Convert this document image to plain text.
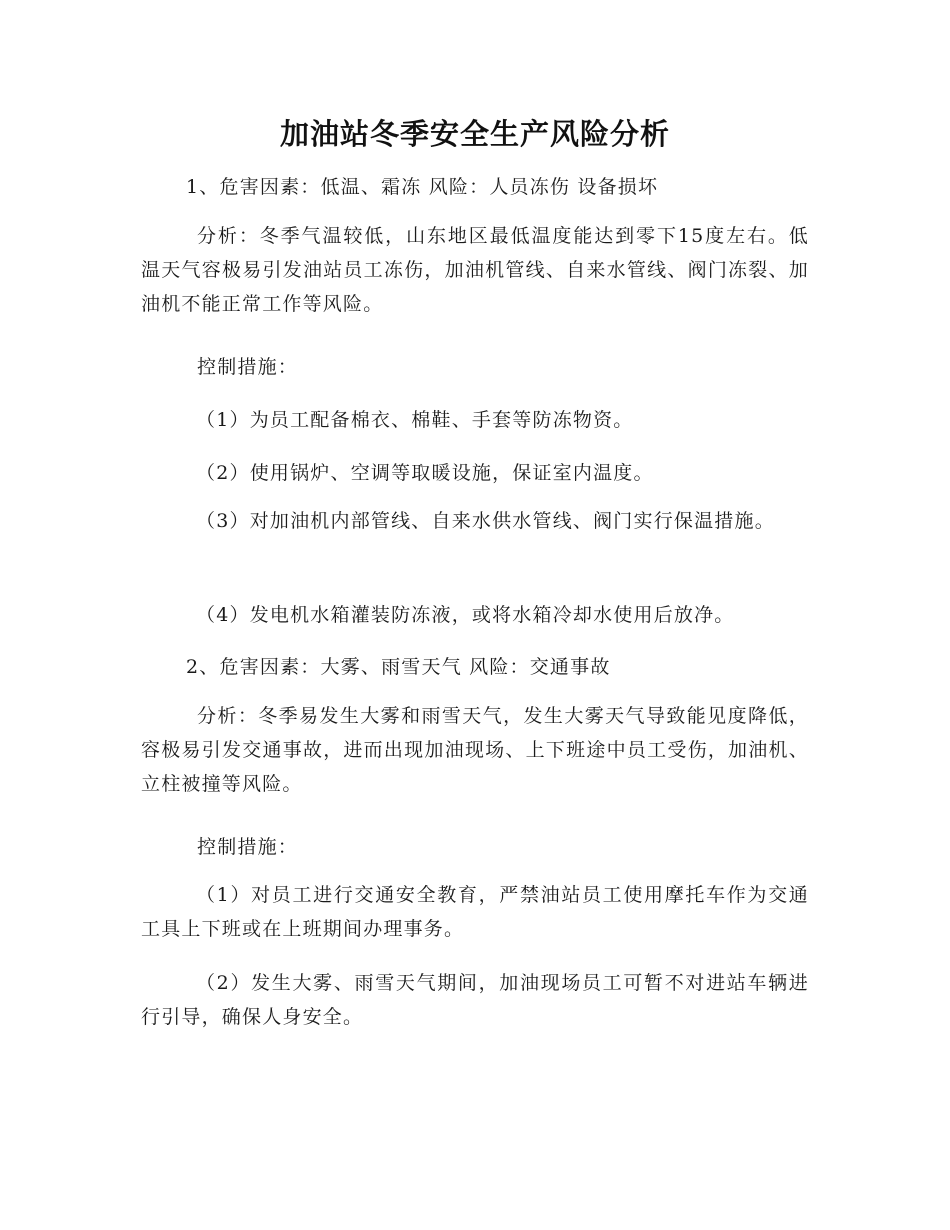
加油站冬季安全生产风险分析
1、危害因素：低温、霜冻 风险：人员冻伤 设备损坏
分析：冬季气温较低，山东地区最低温度能达到零下15度左右。低温天气容极易引发油站员工冻伤，加油机管线、自来水管线、阀门冻裂、加油机不能正常工作等风险。
控制措施：
（1）为员工配备棉衣、棉鞋、手套等防冻物资。
（2）使用锅炉、空调等取暖设施，保证室内温度。
（3）对加油机内部管线、自来水供水管线、阀门实行保温措施。
（4）发电机水箱灌装防冻液，或将水箱冷却水使用后放净。
2、危害因素：大雾、雨雪天气 风险：交通事故
分析：冬季易发生大雾和雨雪天气，发生大雾天气导致能见度降低，容极易引发交通事故，进而出现加油现场、上下班途中员工受伤，加油机、立柱被撞等风险。
控制措施：
（1）对员工进行交通安全教育，严禁油站员工使用摩托车作为交通工具上下班或在上班期间办理事务。
（2）发生大雾、雨雪天气期间，加油现场员工可暂不对进站车辆进行引导，确保人身安全。
